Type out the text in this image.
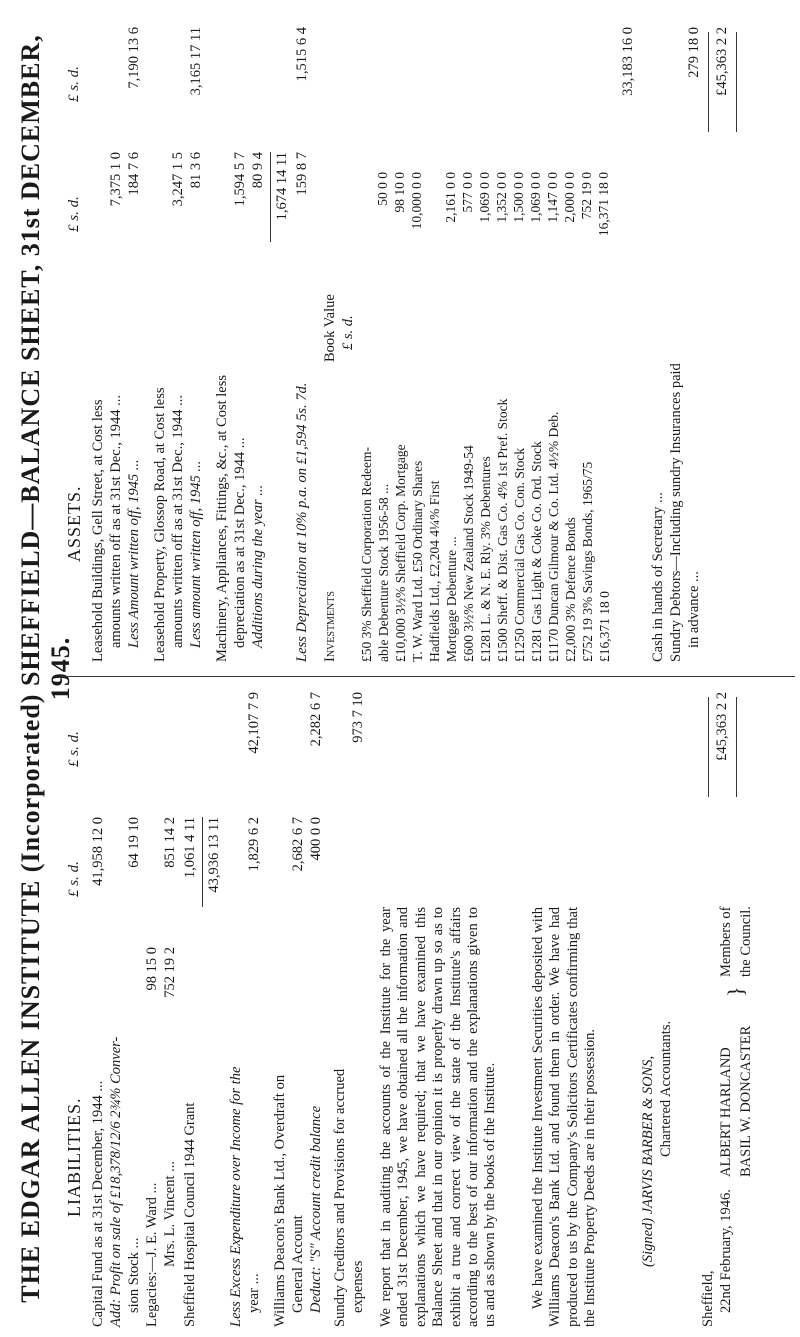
THE EDGAR ALLEN INSTITUTE (Incorporated) SHEFFIELD—BALANCE SHEET, 31st DECEMBER, 1945.
LIABILITIES.
£ s. d.
£ s. d.
Capital Fund as at 31st December, 1944 ...
41,958 12 0
Add: Profit on sale of £18,378/12/6 2¾% Conver- sion Stock ...
64 19 10
Legacies:—J. E. Ward ...
98 15 0
Mrs. L. Vincent ...
752 19 2
851 14 2
Sheffield Hospital Council 1944 Grant
1,061 4 11 43,936 13 11
Less Excess Expenditure over Income for the year ...
1,829 6 2
42,107 7 9
Williams Deacon's Bank Ltd., Overdraft on General Account
2,682 6 7
Deduct: "S" Account credit balance
400 0 0
2,282 6 7
Sundry Creditors and Provisions for accrued expenses
973 7 10
We report that in auditing the accounts of the Institute for the year ended 31st December, 1945, we have obtained all the information and explanations which we have required; that we have examined this Balance Sheet and that in our opinion it is properly drawn up so as to exhibit a true and correct view of the state of the Institute's affairs according to the best of our information and the explanations given to us and as shown by the books of the Institute. We have examined the Institute Investment Securities deposited with Williams Deacon's Bank Ltd. and found them in order. We have had produced to us by the Company's Solicitors Certificates confirming that the Institute Property Deeds are in their possession.	(Signed) JARVIS BARBER & SONS, Chartered Accountants.
Sheffield, 22nd February, 1946.
ALBERT HARLAND BASIL W. DONCASTER
}
Members of the Council.
£45,363 2 2
ASSETS.
£ s. d.
£ s. d.
Leasehold Buildings, Gell Street, at Cost less amounts written off as at 31st Dec., 1944 ...
7,375 1 0
Less Amount written off, 1945 ...
184 7 6
7,190 13 6
Leasehold Property, Glossop Road, at Cost less amounts written off as at 31st Dec., 1944 ...
3,247 1 5
Less amount written off, 1945 ...
81 3 6
3,165 17 11
Machinery, Appliances, Fittings, &c., at Cost less depreciation as at 31st Dec., 1944 ...
1,594 5 7
Additions during the year ...
80 9 4 1,674 14 11
Less Depreciation at 10% p.a. on £1,594 5s. 7d.
159 8 7
1,515 6 4
Investments
Book Value £ s. d.
£50 3% Sheffield Corporation Redeem- able Debenture Stock 1956-58 ...
50 0 0
£10,000 3½% Sheffield Corp. Mortgage
98 10 0
T. W. Ward Ltd. £50 Ordinary Shares
10,000 0 0
Hadfields Ltd., £2,204 4¼% First Mortgage Debenture ...
2,161 0 0
£600 3½% New Zealand Stock 1949-54
577 0 0
£1281 L. & N. E. Rly. 3% Debentures
1,069 0 0
£1500 Sheff. & Dist. Gas Co. 4% 1st Pref. Stock
1,352 0 0
£1250 Commercial Gas Co. Con. Stock
1,500 0 0
£1281 Gas Light & Coke Co. Ord. Stock
1,069 0 0
£1170 Duncan Gilmour & Co. Ltd. 4½% Deb.
1,147 0 0
£2,000 3% Defence Bonds
2,000 0 0
£752 19 3% Savings Bonds, 1965/75
752 19 0
£16,371 18 0
16,371 18 0
33,183 16 0
Cash in hands of Secretary ... Sundry Debtors—Including sundry Insurances paid in advance ...
279 18 0 £45,363 2 2
